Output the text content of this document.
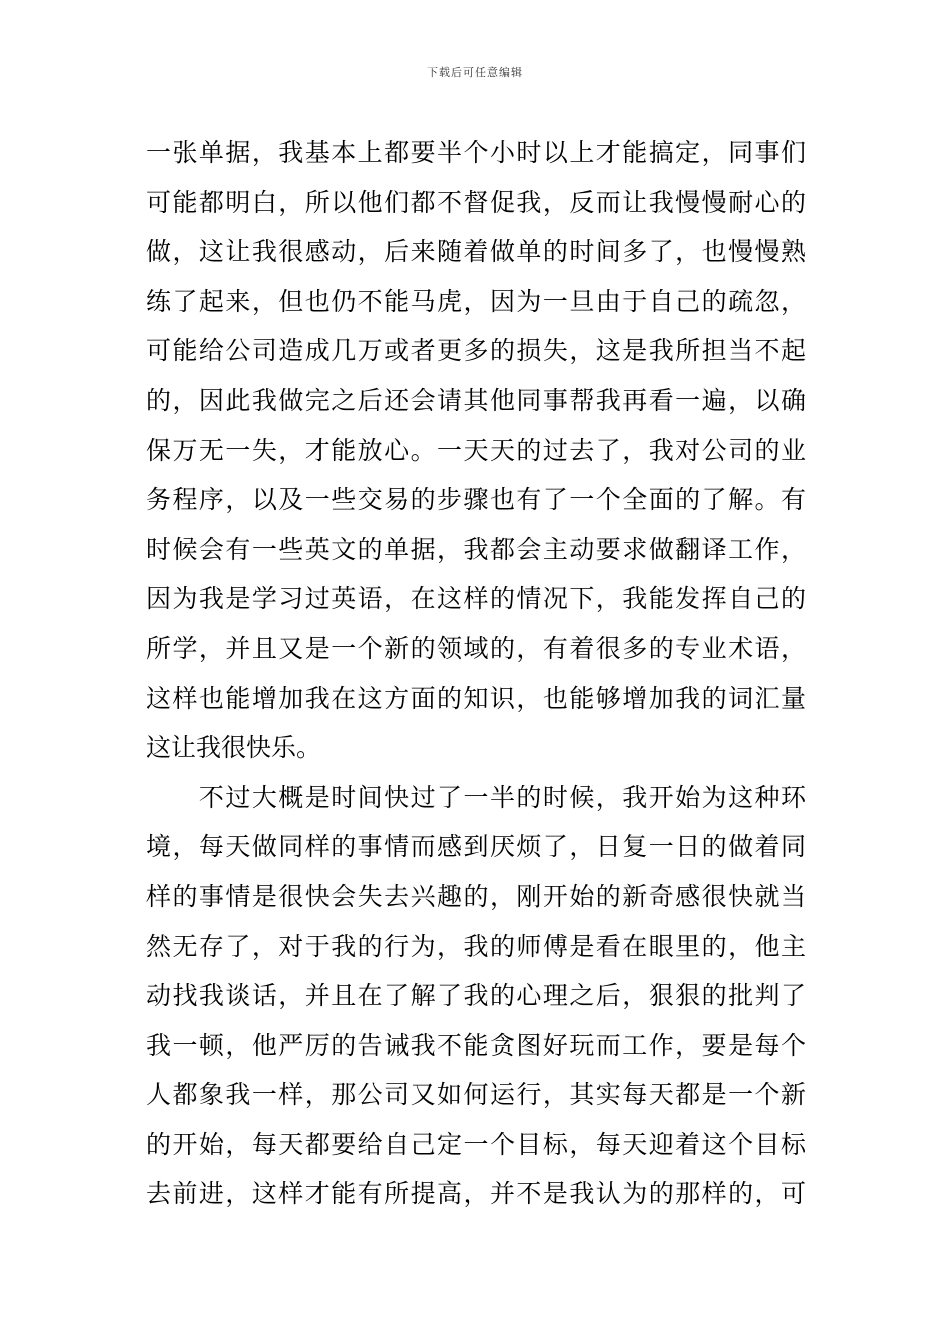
下载后可任意编辑
一张单据，我基本上都要半个小时以上才能搞定，同事们
可能都明白，所以他们都不督促我，反而让我慢慢耐心的
做，这让我很感动，后来随着做单的时间多了，也慢慢熟
练了起来，但也仍不能马虎，因为一旦由于自己的疏忽，
可能给公司造成几万或者更多的损失，这是我所担当不起
的，因此我做完之后还会请其他同事帮我再看一遍，以确
保万无一失，才能放心。一天天的过去了，我对公司的业
务程序，以及一些交易的步骤也有了一个全面的了解。有
时候会有一些英文的单据，我都会主动要求做翻译工作，
因为我是学习过英语，在这样的情况下，我能发挥自己的
所学，并且又是一个新的领域的，有着很多的专业术语，
这样也能增加我在这方面的知识，也能够增加我的词汇量
这让我很快乐。
　　不过大概是时间快过了一半的时候，我开始为这种环
境，每天做同样的事情而感到厌烦了，日复一日的做着同
样的事情是很快会失去兴趣的，刚开始的新奇感很快就当
然无存了，对于我的行为，我的师傅是看在眼里的，他主
动找我谈话，并且在了解了我的心理之后，狠狠的批判了
我一顿，他严厉的告诫我不能贪图好玩而工作，要是每个
人都象我一样，那公司又如何运行，其实每天都是一个新
的开始，每天都要给自己定一个目标，每天迎着这个目标
去前进，这样才能有所提高，并不是我认为的那样的，可
